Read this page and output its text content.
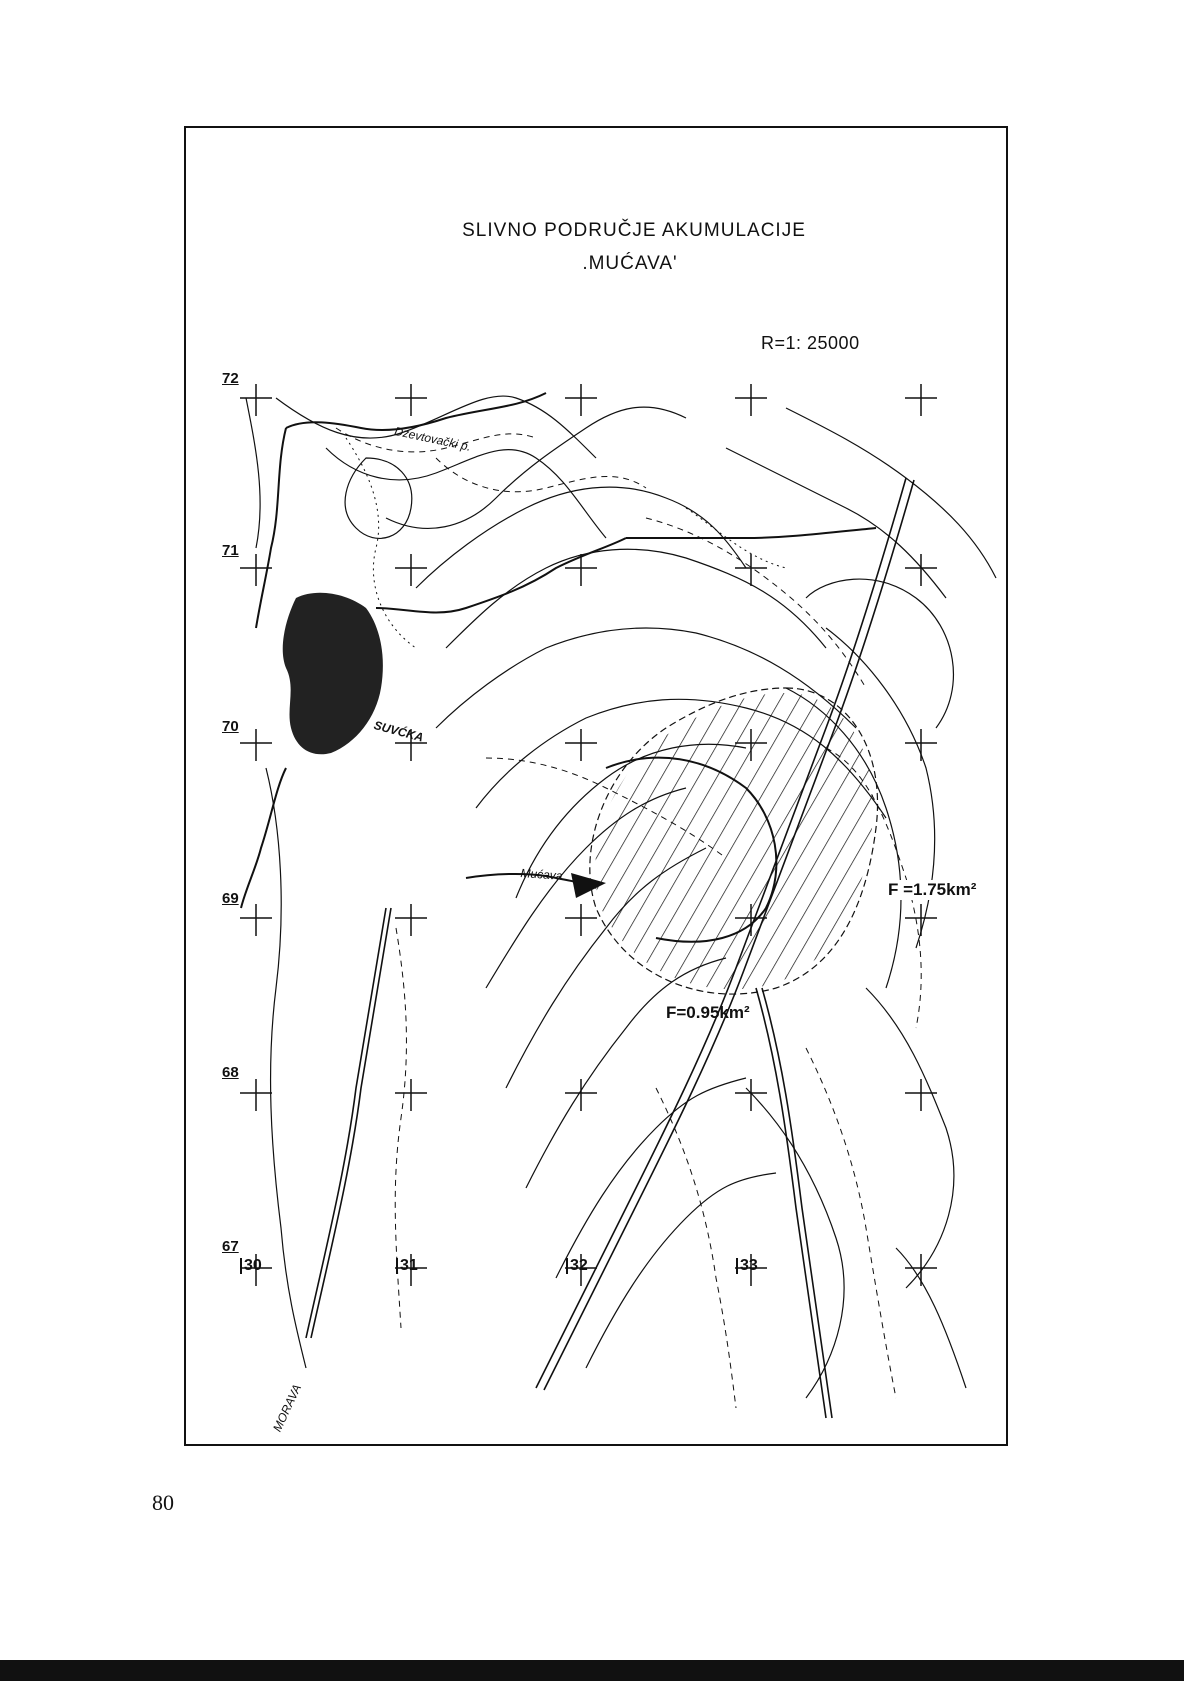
SLIVNO PODRUČJE AKUMULACIJE
.MUĆAVA'
R=1: 25000
72
71
70
69
68
67
30	31	32	33
F =1.75km²
F=0.95km²
Dzevtovački p.
Mućava
MORAVA
SUVĆKA
80
